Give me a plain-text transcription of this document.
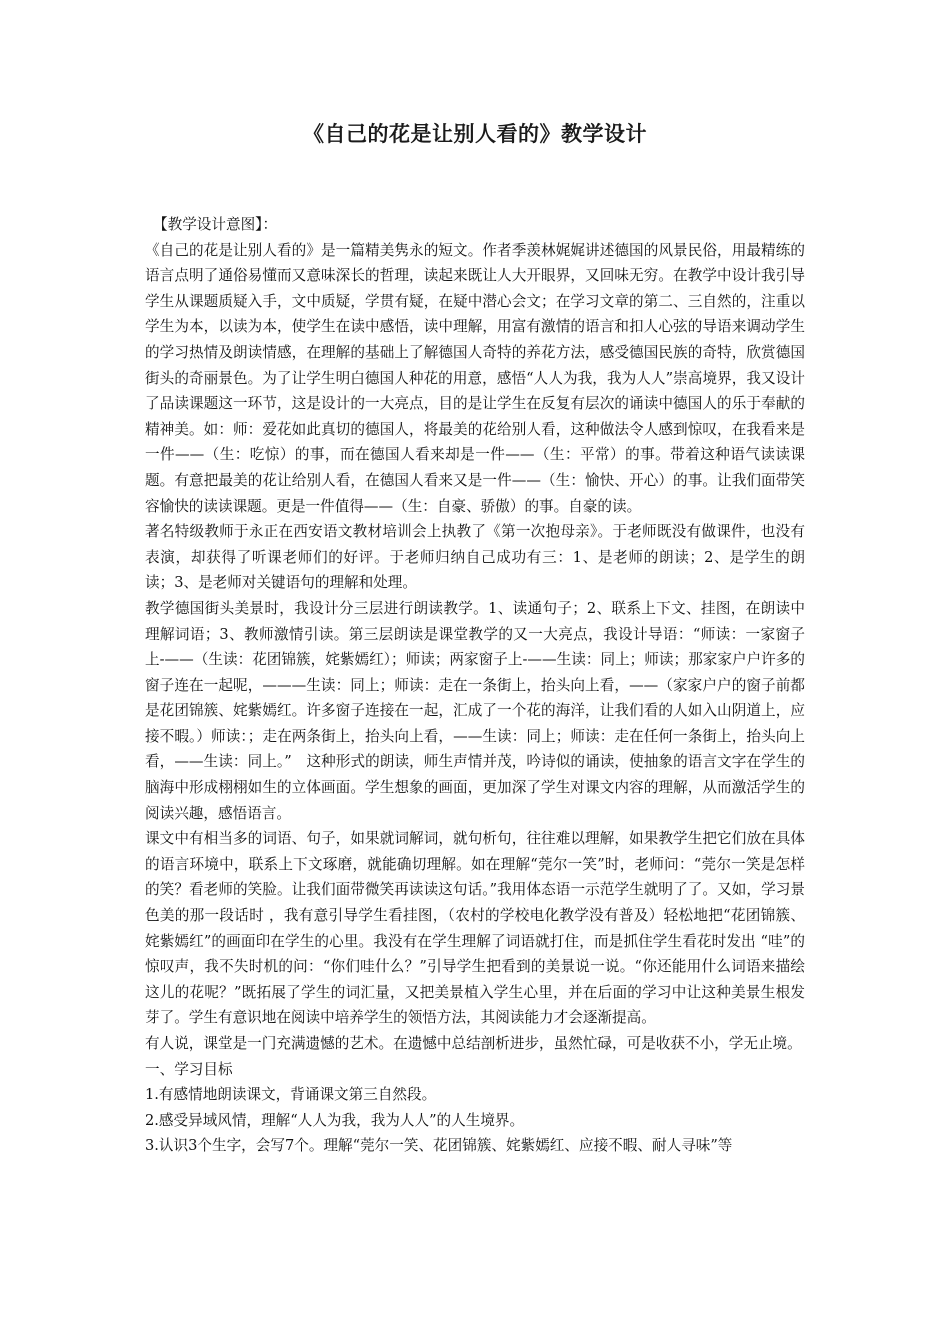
《自己的花是让别人看的》教学设计

【教学设计意图】：

《自己的花是让别人看的》是一篇精美隽永的短文。作者季羡林娓娓讲述德国的风景民俗，用最精练的语言点明了通俗易懂而又意味深长的哲理，读起来既让人大开眼界，又回味无穷。在教学中设计我引导学生从课题质疑入手，文中质疑，学贯有疑，在疑中潜心会文；在学习文章的第二、三自然的，注重以学生为本，以读为本，使学生在读中感悟，读中理解，用富有激情的语言和扣人心弦的导语来调动学生的学习热情及朗读情感，在理解的基础上了解德国人奇特的养花方法，感受德国民族的奇特，欣赏德国街头的奇丽景色。为了让学生明白德国人种花的用意，感悟“人人为我，我为人人”崇高境界，我又设计了品读课题这一环节，这是设计的一大亮点，目的是让学生在反复有层次的诵读中德国人的乐于奉献的精神美。如：师：爱花如此真切的德国人，将最美的花给别人看，这种做法令人感到惊叹，在我看来是一件——（生：吃惊）的事，而在德国人看来却是一件——（生：平常）的事。带着这种语气读读课题。有意把最美的花让给别人看，在德国人看来又是一件——（生：愉快、开心）的事。让我们面带笑容愉快的读读课题。更是一件值得——（生：自豪、骄傲）的事。自豪的读。

著名特级教师于永正在西安语文教材培训会上执教了《第一次抱母亲》。于老师既没有做课件，也没有表演，却获得了听课老师们的好评。于老师归纳自己成功有三：1、是老师的朗读；2、是学生的朗读；3、是老师对关键语句的理解和处理。

教学德国街头美景时，我设计分三层进行朗读教学。1、读通句子；2、联系上下文、挂图，在朗读中理解词语；3、教师激情引读。第三层朗读是课堂教学的又一大亮点，我设计导语：“师读：一家窗子上-——（生读：花团锦簇，姹紫嫣红）；师读；两家窗子上-——生读：同上；师读；那家家户户许多的窗子连在一起呢，———生读：同上；师读：走在一条街上，抬头向上看，——（家家户户的窗子前都是花团锦簇、姹紫嫣红。许多窗子连接在一起，汇成了一个花的海洋，让我们看的人如入山阴道上，应接不暇。）师读：；走在两条街上，抬头向上看，——生读：同上；师读：走在任何一条街上，抬头向上看，——生读：同上。”　这种形式的朗读，师生声情并茂，吟诗似的诵读，使抽象的语言文字在学生的脑海中形成栩栩如生的立体画面。学生想象的画面，更加深了学生对课文内容的理解，从而激活学生的阅读兴趣，感悟语言。

课文中有相当多的词语、句子，如果就词解词，就句析句，往往难以理解，如果教学生把它们放在具体的语言环境中，联系上下文琢磨，就能确切理解。如在理解“莞尔一笑”时，老师问：“莞尔一笑是怎样的笑？看老师的笑脸。让我们面带微笑再读读这句话。”我用体态语一示范学生就明了了。又如，学习景色美的那一段话时 ，我有意引导学生看挂图，（农村的学校电化教学没有普及）轻松地把“花团锦簇、姹紫嫣红”的画面印在学生的心里。我没有在学生理解了词语就打住，而是抓住学生看花时发出 “哇”的惊叹声，我不失时机的问：“你们哇什么？”引导学生把看到的美景说一说。“你还能用什么词语来描绘这儿的花呢？”既拓展了学生的词汇量，又把美景植入学生心里，并在后面的学习中让这种美景生根发芽了。学生有意识地在阅读中培养学生的领悟方法，其阅读能力才会逐渐提高。

有人说，课堂是一门充满遗憾的艺术。在遗憾中总结剖析进步，虽然忙碌，可是收获不小，学无止境。

一、学习目标

1.有感情地朗读课文，背诵课文第三自然段。

2.感受异域风情，理解“人人为我，我为人人”的人生境界。

3.认识3个生字，会写7个。理解“莞尔一笑、花团锦簇、姹紫嫣红、应接不暇、耐人寻味”等
